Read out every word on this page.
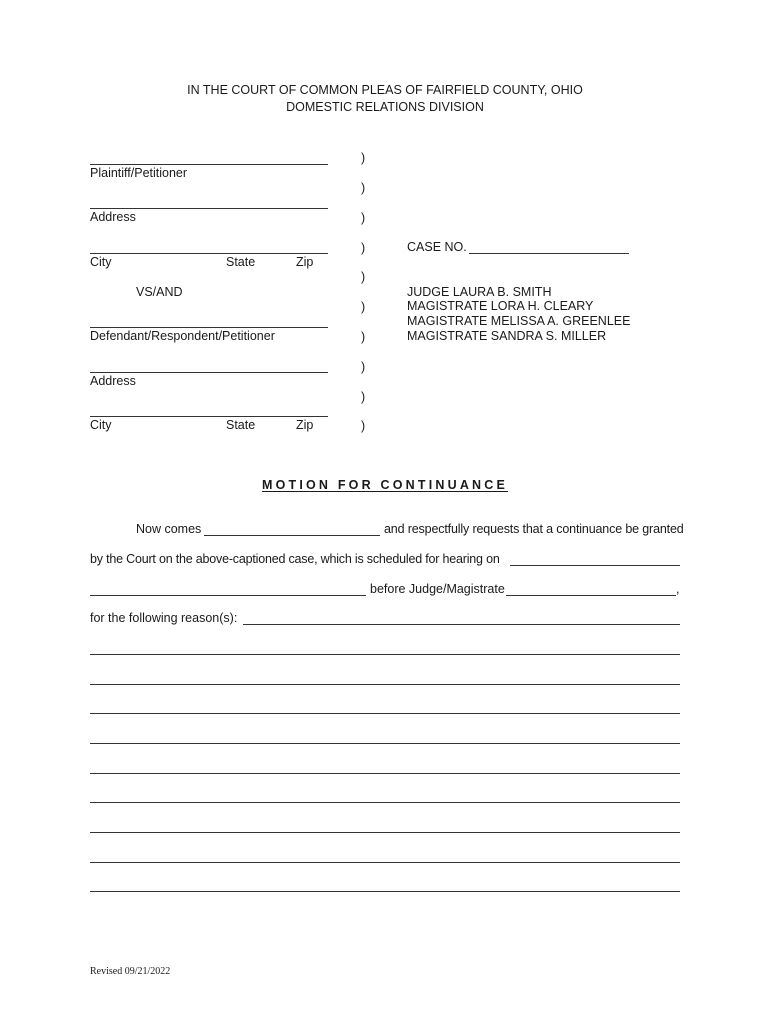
IN THE COURT OF COMMON PLEAS OF FAIRFIELD COUNTY, OHIO
DOMESTIC RELATIONS DIVISION
Plaintiff/Petitioner
Address
City	State	Zip
VS/AND
Defendant/Respondent/Petitioner
Address
City	State	Zip
)
)
)
)
)
)
)
)
)
)
CASE NO.
JUDGE LAURA B. SMITH
MAGISTRATE LORA H. CLEARY
MAGISTRATE MELISSA A. GREENLEE
MAGISTRATE SANDRA S. MILLER
MOTION FOR CONTINUANCE
Now comes	and respectfully requests that a continuance be granted
by the Court on the above-captioned case, which is scheduled for hearing on
before Judge/Magistrate	,
for the following reason(s):
Revised 09/21/2022
